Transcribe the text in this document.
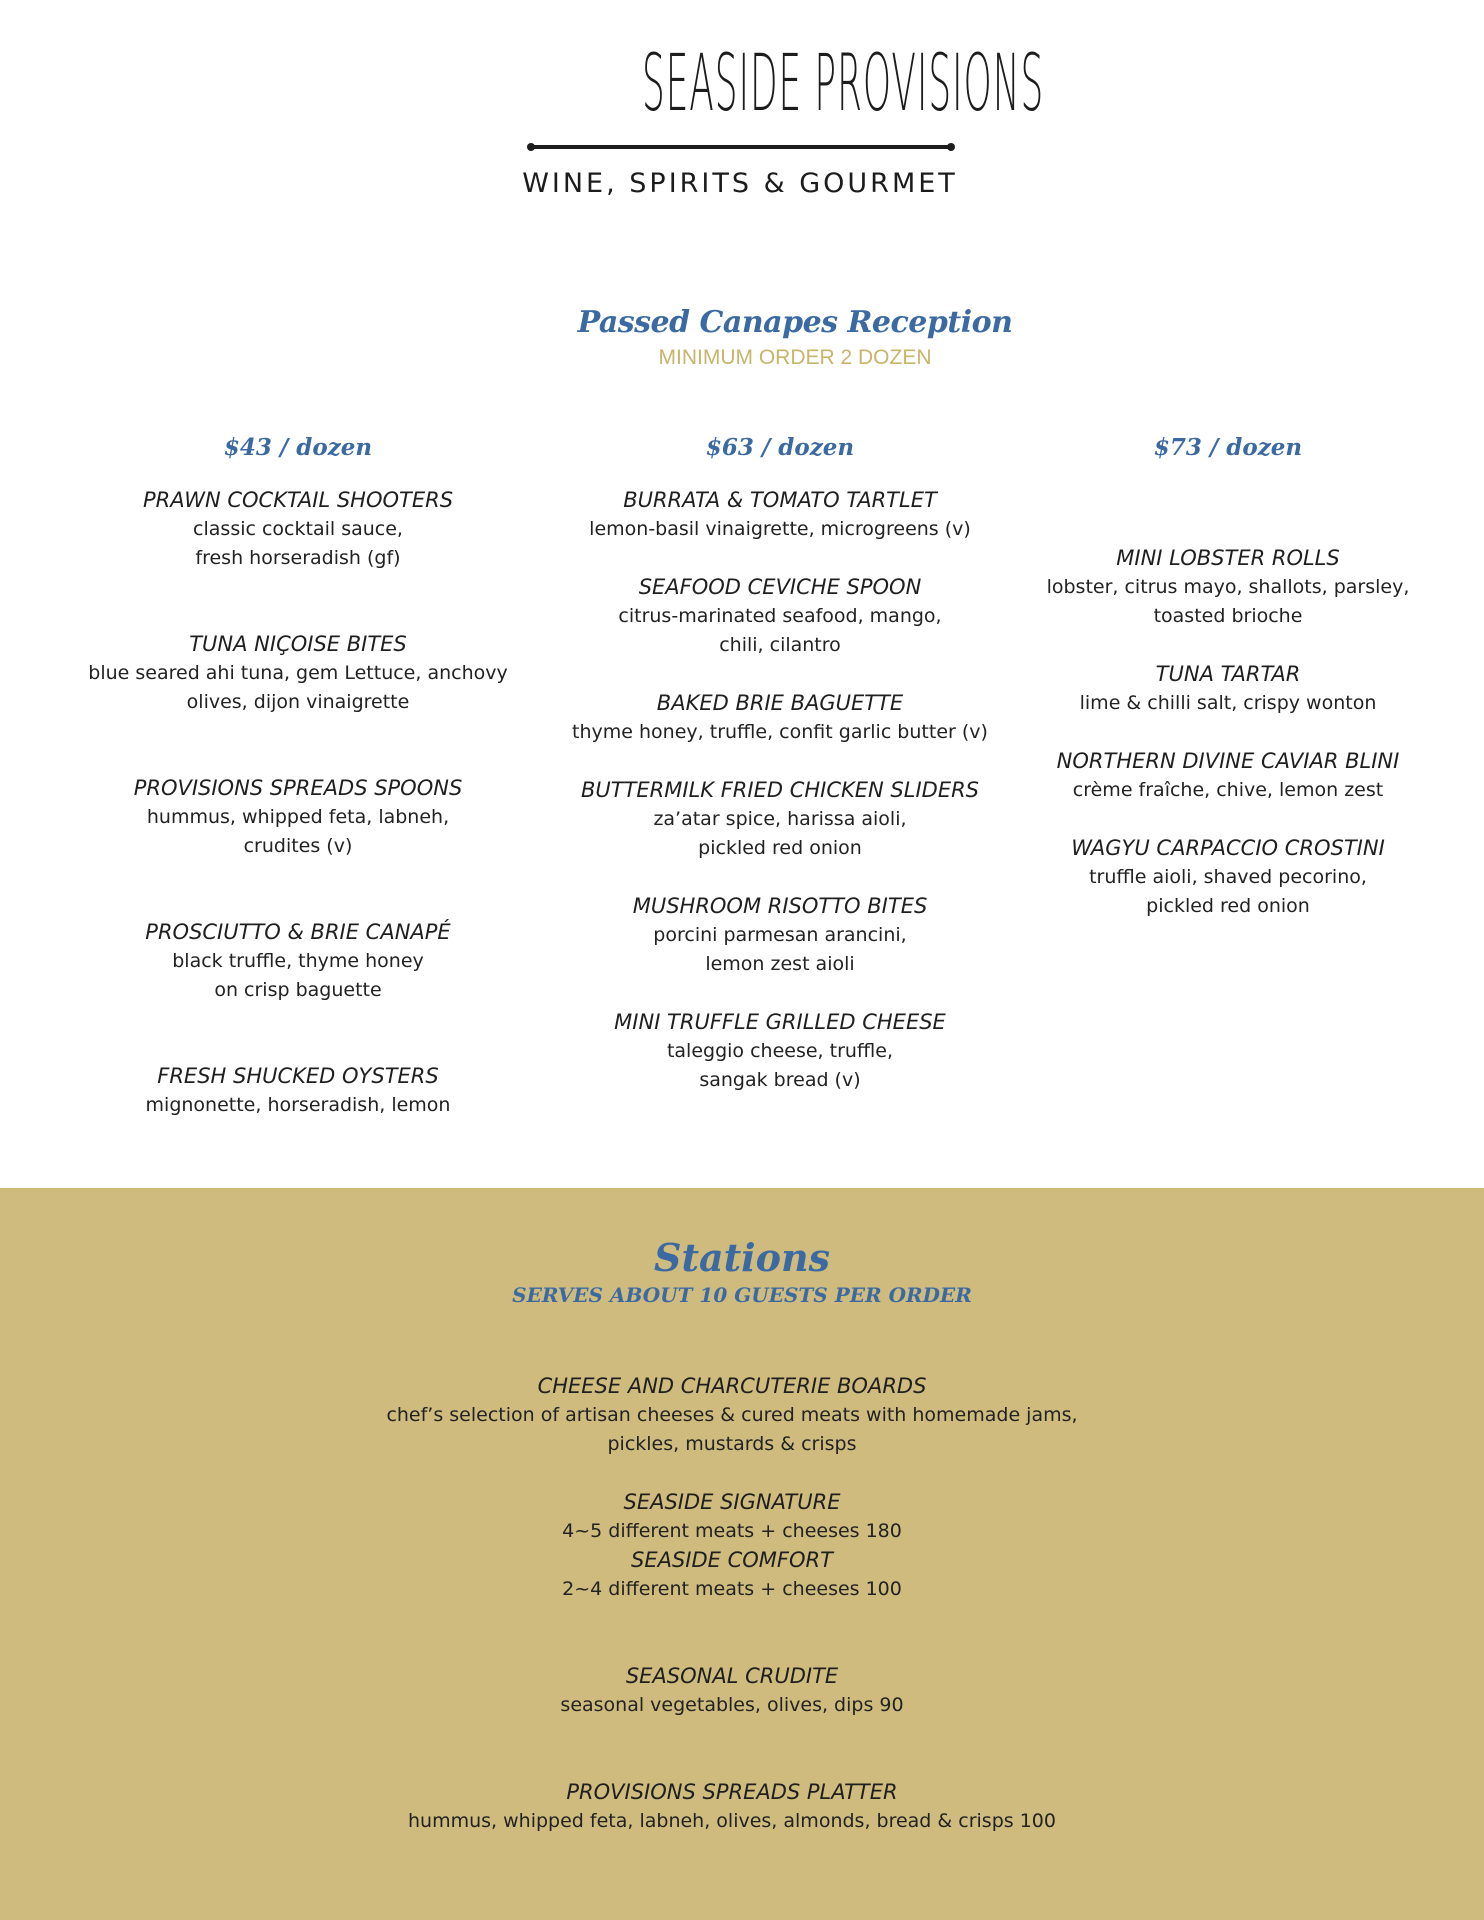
SEASIDE PROVISIONS
WINE, SPIRITS & GOURMET
Passed Canapes Reception
MINIMUM ORDER 2 DOZEN
$43 / dozen
PRAWN COCKTAIL SHOOTERS
classic cocktail sauce,
fresh horseradish (gf)
TUNA NIÇOISE BITES
blue seared ahi tuna, gem Lettuce, anchovy
olives, dijon vinaigrette
PROVISIONS SPREADS SPOONS
hummus, whipped feta, labneh,
crudites (v)
PROSCIUTTO & BRIE CANAPÉ
black truffle, thyme honey
on crisp baguette
FRESH SHUCKED OYSTERS
mignonette, horseradish, lemon
$63 / dozen
BURRATA & TOMATO TARTLET
lemon-basil vinaigrette, microgreens (v)
SEAFOOD CEVICHE SPOON
citrus-marinated seafood, mango,
chili, cilantro
BAKED BRIE BAGUETTE
thyme honey, truffle, confit garlic butter (v)
BUTTERMILK FRIED CHICKEN SLIDERS
za’atar spice, harissa aioli,
pickled red onion
MUSHROOM RISOTTO BITES
porcini parmesan arancini,
lemon zest aioli
MINI TRUFFLE GRILLED CHEESE
taleggio cheese, truffle,
sangak bread (v)
$73 / dozen
MINI LOBSTER ROLLS
lobster, citrus mayo, shallots, parsley,
toasted brioche
TUNA TARTAR
lime & chilli salt, crispy wonton
NORTHERN DIVINE CAVIAR BLINI
crème fraîche, chive, lemon zest
WAGYU CARPACCIO CROSTINI
truffle aioli, shaved pecorino,
pickled red onion
Stations
SERVES ABOUT 10 GUESTS PER ORDER
CHEESE AND CHARCUTERIE BOARDS
chef’s selection of artisan cheeses & cured meats with homemade jams,
pickles, mustards & crisps
SEASIDE SIGNATURE
4~5 different meats + cheeses 180
SEASIDE COMFORT
2~4 different meats + cheeses 100
SEASONAL CRUDITE
seasonal vegetables, olives, dips 90
PROVISIONS SPREADS PLATTER
hummus, whipped feta, labneh, olives, almonds, bread & crisps 100
